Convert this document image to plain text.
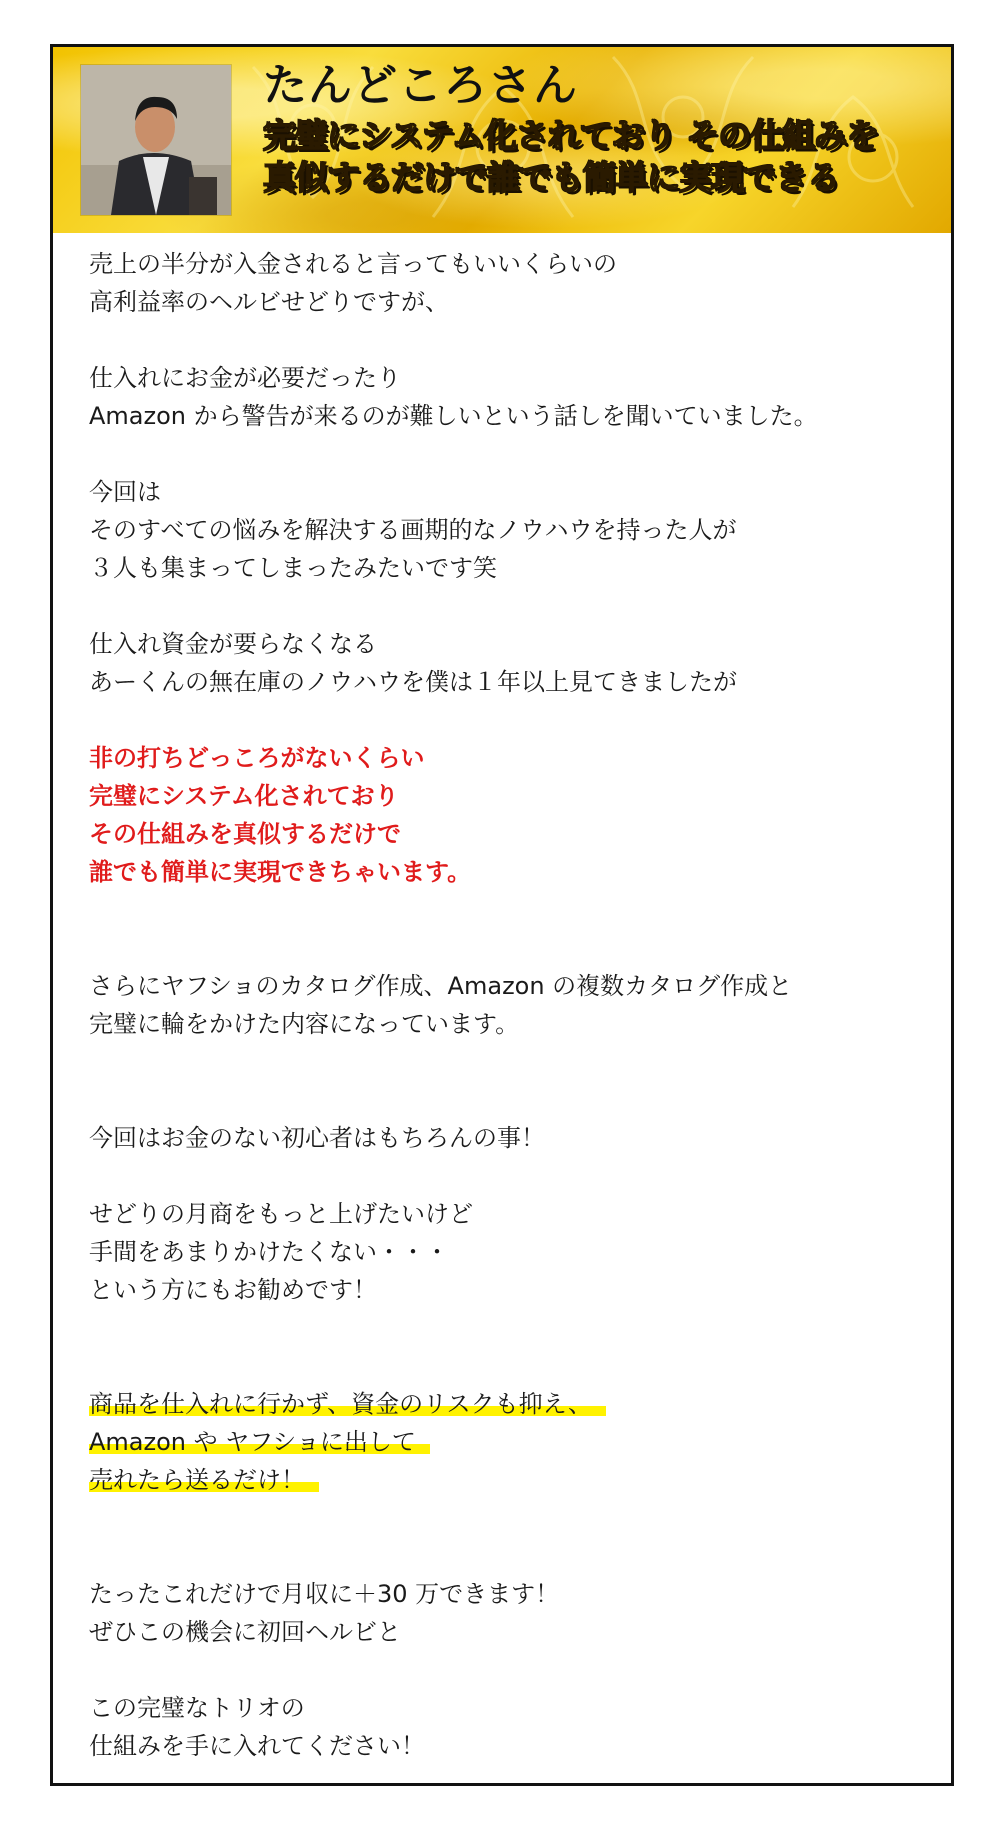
たんどころさん
完璧にシステム化されており その仕組みを
真似するだけで誰でも簡単に実現できる

売上の半分が入金されると言ってもいいくらいの
高利益率のヘルビせどりですが、

仕入れにお金が必要だったり
Amazon から警告が来るのが難しいという話しを聞いていました。

今回は
そのすべての悩みを解決する画期的なノウハウを持った人が
３人も集まってしまったみたいです笑

仕入れ資金が要らなくなる
あーくんの無在庫のノウハウを僕は１年以上見てきましたが

非の打ちどっころがないくらい
完璧にシステム化されており
その仕組みを真似するだけで
誰でも簡単に実現できちゃいます。

さらにヤフショのカタログ作成、Amazon の複数カタログ作成と
完璧に輪をかけた内容になっています。

今回はお金のない初心者はもちろんの事！

せどりの月商をもっと上げたいけど
手間をあまりかけたくない・・・
という方にもお勧めです！

商品を仕入れに行かず、資金のリスクも抑え、
Amazon や ヤフショに出して
売れたら送るだけ！

たったこれだけで月収に＋30 万できます！
ぜひこの機会に初回ヘルビと

この完璧なトリオの
仕組みを手に入れてください！
